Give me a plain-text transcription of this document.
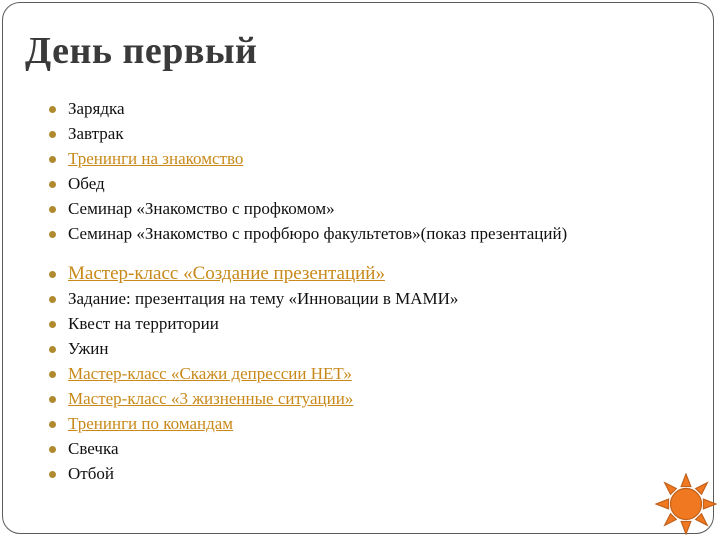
День первый
Зарядка
Завтрак
Тренинги на знакомство
Обед
Семинар «Знакомство с профкомом»
Семинар «Знакомство с профбюро факультетов»(показ презентаций)
Мастер-класс «Создание презентаций»
Задание: презентация на тему «Инновации в МАМИ»
Квест на территории
Ужин
Мастер-класс «Скажи депрессии НЕТ»
Мастер-класс «3 жизненные ситуации»
Тренинги по командам
Свечка
Отбой
